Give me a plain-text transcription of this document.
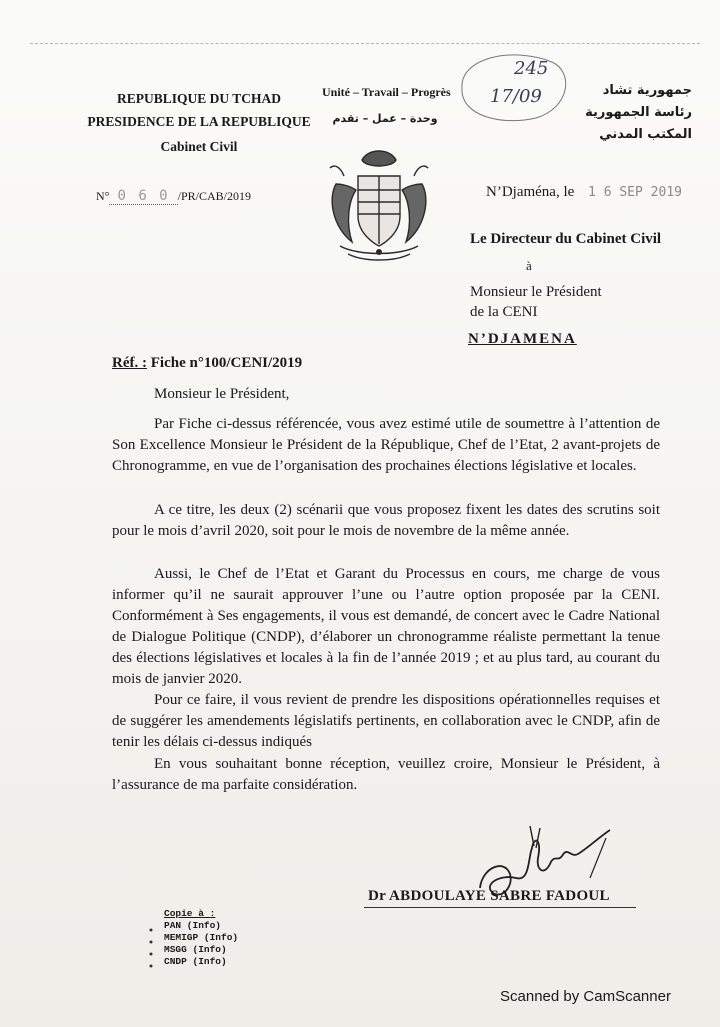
REPUBLIQUE DU TCHAD
PRESIDENCE DE LA REPUBLIQUE
Cabinet Civil
Unité – Travail – Progrès
وحدة – عمل – تقدم
245
17/09	جمهورية تشاد
رئاسة الجمهورية
المكتب المدني
N° 0 6 0 /PR/CAB/2019	N’Djaména, le 1 6 SEP 2019
Le Directeur du Cabinet Civil
à
Monsieur le Président
de la CENI
N’DJAMENA
Réf. : Fiche n°100/CENI/2019
Monsieur le Président,
Par Fiche ci-dessus référencée, vous avez estimé utile de soumettre à l’attention de Son Excellence Monsieur le Président de la République, Chef de l’Etat, 2 avant-projets de Chronogramme, en vue de l’organisation des prochaines élections législative et locales.
A ce titre, les deux (2) scénarii que vous proposez fixent les dates des scrutins soit pour le mois d’avril 2020, soit pour le mois de novembre de la même année.
Aussi, le Chef de l’Etat et Garant du Processus en cours, me charge de vous informer qu’il ne saurait approuver l’une ou l’autre option proposée par la CENI. Conformément à Ses engagements, il vous est demandé, de concert avec le Cadre National de Dialogue Politique (CNDP), d’élaborer un chronogramme réaliste permettant la tenue des élections législatives et locales à la fin de l’année 2019 ; et au plus tard, au courant du mois de janvier 2020.
Pour ce faire, il vous revient de prendre les dispositions opérationnelles requises et de suggérer les amendements législatifs pertinents, en collaboration avec le CNDP, afin de tenir les délais ci-dessus indiqués
En vous souhaitant bonne réception, veuillez croire, Monsieur le Président, à l’assurance de ma parfaite considération.
Dr ABDOULAYE SABRE FADOUL
Copie à :
PAN (Info)
MEMIGP (Info)
MSGG (Info)
CNDP (Info)
Scanned by CamScanner
